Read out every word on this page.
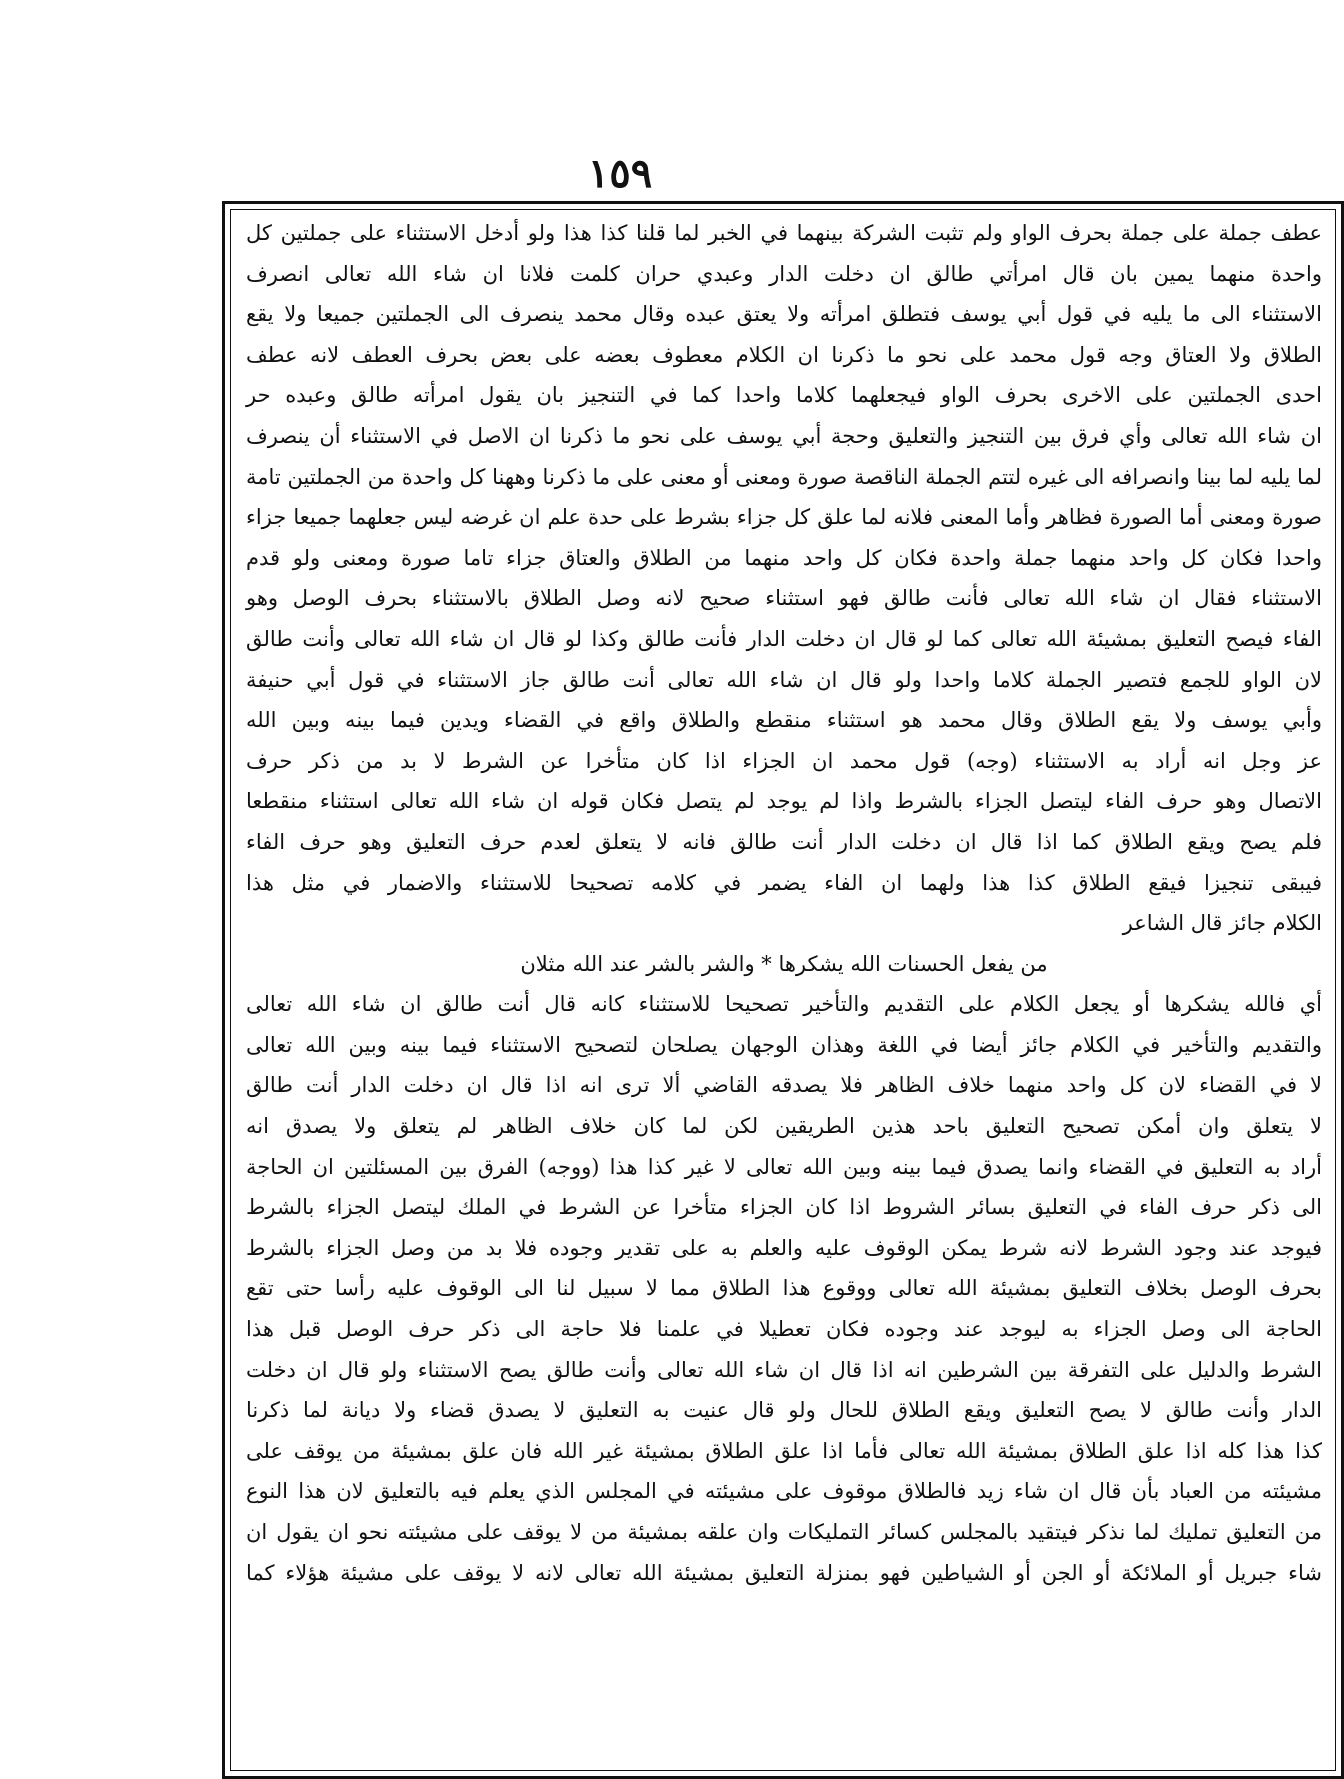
١٥٩
عطف جملة على جملة بحرف الواو ولم تثبت الشركة بينهما في الخبر لما قلنا كذا هذا ولو أدخل الاستثناء على جملتين كل
واحدة منهما يمين بان قال امرأتي طالق ان دخلت الدار وعبدي حران كلمت فلانا ان شاء الله تعالى انصرف
الاستثناء الى ما يليه في قول أبي يوسف فتطلق امرأته ولا يعتق عبده وقال محمد ينصرف الى الجملتين جميعا ولا يقع
الطلاق ولا العتاق وجه قول محمد على نحو ما ذكرنا ان الكلام معطوف بعضه على بعض بحرف العطف لانه عطف
احدى الجملتين على الاخرى بحرف الواو فيجعلهما كلاما واحدا كما في التنجيز بان يقول امرأته طالق وعبده حر
ان شاء الله تعالى وأي فرق بين التنجيز والتعليق وحجة أبي يوسف على نحو ما ذكرنا ان الاصل في الاستثناء أن ينصرف
لما يليه لما بينا وانصرافه الى غيره لتتم الجملة الناقصة صورة ومعنى أو معنى على ما ذكرنا وههنا كل واحدة من الجملتين تامة
صورة ومعنى أما الصورة فظاهر وأما المعنى فلانه لما علق كل جزاء بشرط على حدة علم ان غرضه ليس جعلهما جميعا جزاء
واحدا فكان كل واحد منهما جملة واحدة فكان كل واحد منهما من الطلاق والعتاق جزاء تاما صورة ومعنى ولو قدم
الاستثناء فقال ان شاء الله تعالى فأنت طالق فهو استثناء صحيح لانه وصل الطلاق بالاستثناء بحرف الوصل وهو
الفاء فيصح التعليق بمشيئة الله تعالى كما لو قال ان دخلت الدار فأنت طالق وكذا لو قال ان شاء الله تعالى وأنت طالق
لان الواو للجمع فتصير الجملة كلاما واحدا ولو قال ان شاء الله تعالى أنت طالق جاز الاستثناء في قول أبي حنيفة
وأبي يوسف ولا يقع الطلاق وقال محمد هو استثناء منقطع والطلاق واقع في القضاء ويدين فيما بينه وبين الله
عز وجل انه أراد به الاستثناء (وجه) قول محمد ان الجزاء اذا كان متأخرا عن الشرط لا بد من ذكر حرف
الاتصال وهو حرف الفاء ليتصل الجزاء بالشرط واذا لم يوجد لم يتصل فكان قوله ان شاء الله تعالى استثناء منقطعا
فلم يصح ويقع الطلاق كما اذا قال ان دخلت الدار أنت طالق فانه لا يتعلق لعدم حرف التعليق وهو حرف الفاء
فيبقى تنجيزا فيقع الطلاق كذا هذا ولهما ان الفاء يضمر في كلامه تصحيحا للاستثناء والاضمار في مثل هذا
الكلام جائز قال الشاعر
من يفعل الحسنات الله يشكرها * والشر بالشر عند الله مثلان
أي فالله يشكرها أو يجعل الكلام على التقديم والتأخير تصحيحا للاستثناء كانه قال أنت طالق ان شاء الله تعالى
والتقديم والتأخير في الكلام جائز أيضا في اللغة وهذان الوجهان يصلحان لتصحيح الاستثناء فيما بينه وبين الله تعالى
لا في القضاء لان كل واحد منهما خلاف الظاهر فلا يصدقه القاضي ألا ترى انه اذا قال ان دخلت الدار أنت طالق
لا يتعلق وان أمكن تصحيح التعليق باحد هذين الطريقين لكن لما كان خلاف الظاهر لم يتعلق ولا يصدق انه
أراد به التعليق في القضاء وانما يصدق فيما بينه وبين الله تعالى لا غير كذا هذا (ووجه) الفرق بين المسئلتين ان الحاجة
الى ذكر حرف الفاء في التعليق بسائر الشروط اذا كان الجزاء متأخرا عن الشرط في الملك ليتصل الجزاء بالشرط
فيوجد عند وجود الشرط لانه شرط يمكن الوقوف عليه والعلم به على تقدير وجوده فلا بد من وصل الجزاء بالشرط
بحرف الوصل بخلاف التعليق بمشيئة الله تعالى ووقوع هذا الطلاق مما لا سبيل لنا الى الوقوف عليه رأسا حتى تقع
الحاجة الى وصل الجزاء به ليوجد عند وجوده فكان تعطيلا في علمنا فلا حاجة الى ذكر حرف الوصل قبل هذا
الشرط والدليل على التفرقة بين الشرطين انه اذا قال ان شاء الله تعالى وأنت طالق يصح الاستثناء ولو قال ان دخلت
الدار وأنت طالق لا يصح التعليق ويقع الطلاق للحال ولو قال عنيت به التعليق لا يصدق قضاء ولا ديانة لما ذكرنا
كذا هذا كله اذا علق الطلاق بمشيئة الله تعالى فأما اذا علق الطلاق بمشيئة غير الله فان علق بمشيئة من يوقف على
مشيئته من العباد بأن قال ان شاء زيد فالطلاق موقوف على مشيئته في المجلس الذي يعلم فيه بالتعليق لان هذا النوع
من التعليق تمليك لما نذكر فيتقيد بالمجلس كسائر التمليكات وان علقه بمشيئة من لا يوقف على مشيئته نحو ان يقول ان
شاء جبريل أو الملائكة أو الجن أو الشياطين فهو بمنزلة التعليق بمشيئة الله تعالى لانه لا يوقف على مشيئة هؤلاء كما
